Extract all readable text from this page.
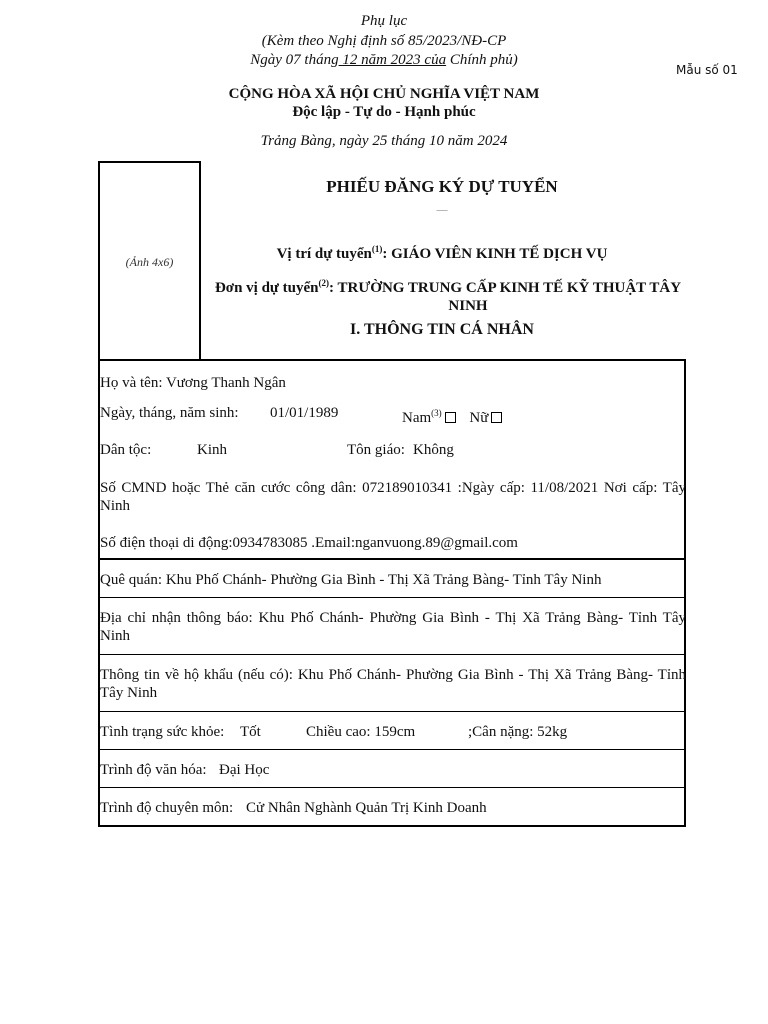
Phụ lục
(Kèm theo Nghị định số 85/2023/NĐ-CP
Ngày 07 tháng 12 năm 2023 của Chính phủ)
Mẫu số 01
CỘNG HÒA XÃ HỘI CHỦ NGHĨA VIỆT NAM
Độc lập - Tự do - Hạnh phúc
Trảng Bàng, ngày 25 tháng 10 năm 2024
(Ảnh 4x6)
PHIẾU ĐĂNG KÝ DỰ TUYỂN
—
Vị trí dự tuyển$^{(1)}$: GIÁO VIÊN KINH TẾ DỊCH VỤ
Đơn vị dự tuyển$^{(2)}$: TRƯỜNG TRUNG CẤP KINH TẾ KỸ THUẬT TÂY
NINH
I. THÔNG TIN CÁ NHÂN
Họ và tên: Vương Thanh Ngân
Ngày, tháng, năm sinh: 01/01/1989	Nam$^{(3)}$ Nữ
Dân tộc:	Kinh	Tôn giáo: Không
Số CMND hoặc Thẻ căn cước công dân: 072189010341 :Ngày cấp: 11/08/2021 Nơi cấp: Tây
Ninh
Số điện thoại di động:0934783085 .Email:nganvuong.89@gmail.com
Quê quán: Khu Phố Chánh- Phường Gia Bình - Thị Xã Trảng Bàng- Tỉnh Tây Ninh
Địa chỉ nhận thông báo: Khu Phố Chánh- Phường Gia Bình - Thị Xã Trảng Bàng- Tỉnh Tây
Ninh
Thông tin về hộ khẩu (nếu có): Khu Phố Chánh- Phường Gia Bình - Thị Xã Trảng Bàng- Tỉnh
Tây Ninh
Tình trạng sức khỏe: Tốt	Chiều cao: 159cm	;Cân nặng: 52kg
Trình độ văn hóa: Đại Học
Trình độ chuyên môn: Cử Nhân Nghành Quản Trị Kinh Doanh
